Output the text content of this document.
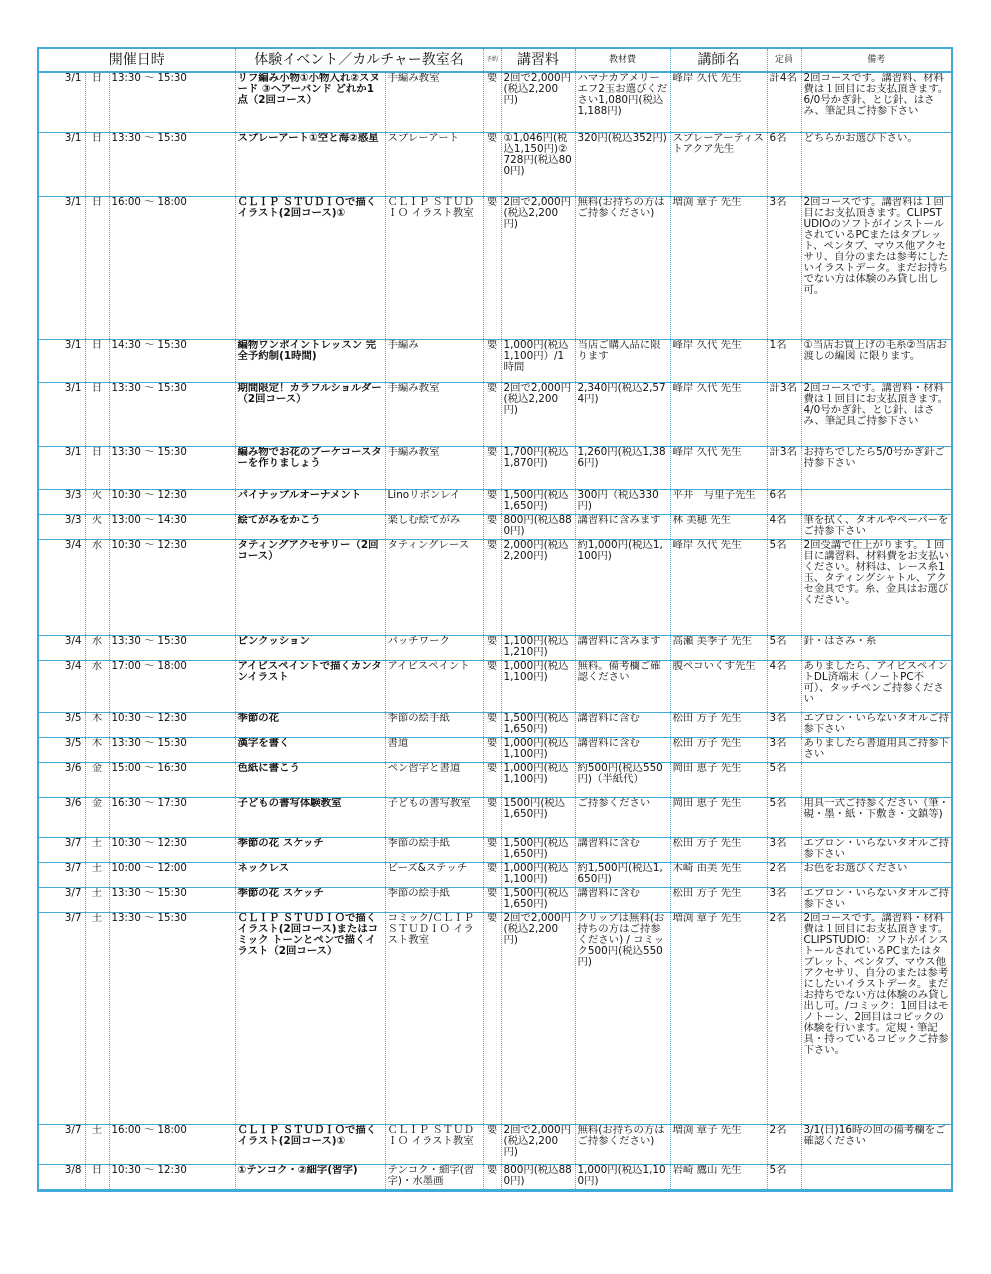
開催日時			体験イベント／カルチャー教室名		予約	講習料	教材費	講師名	定員	備考
3/1	日	13:30 ～ 15:30	リフ編み小物①小物入れ②スヌード ③ヘアーバンド どれか1点（2回コース）	手編み教室	要	2回で2,000円(税込2,200円)	ハマナカアメリーエフ2玉お選びください1,080円(税込1,188円)	峰岸 久代 先生	計4名	2回コースです。講習料、材料費は１回目にお支払頂きます。6/0号かぎ針、とじ針、はさみ、筆記具ご持参下さい
3/1	日	13:30 ～ 15:30	スプレーアート①空と海②惑星	スプレーアート	要	①1,046円(税込1,150円)②728円(税込800円)	320円(税込352円)	スプレーアーティストアクア先生	6名	どちらかお選び下さい。
3/1	日	16:00 ～ 18:00	ＣＬＩＰ ＳＴＵＤＩＯで描くイラスト(2回コース)①	ＣＬＩＰ ＳＴＵＤＩＯ イラスト教室	要	2回で2,000円(税込2,200円)	無料(お持ちの方はご持参ください)	増渕 章子 先生	3名	2回コースです。講習料は１回目にお支払頂きます。CLIPSTUDIOのソフトがインストールされているPCまたはタブレット、ペンタブ、マウス他アクセサリ、自分のまたは参考にしたいイラストデータ。まだお持ちでない方は体験のみ貸し出し可。
3/1	日	14:30 ～ 15:30	編物ワンポイントレッスン 完全予約制(1時間)	手編み	要	1,000円(税込1,100円）/1時間	当店ご購入品に限ります	峰岸 久代 先生	1名	①当店お買上げの毛糸②当店お渡しの編図 に限ります。
3/1	日	13:30 ～ 15:30	期間限定！カラフルショルダー（2回コース）	手編み教室	要	2回で2,000円(税込2,200円)	2,340円(税込2,574円)	峰岸 久代 先生	計3名	2回コースです。講習料・材料費は１回目にお支払頂きます。4/0号かぎ針、とじ針、はさみ、筆記具ご持参下さい
3/1	日	13:30 ～ 15:30	編み物でお花のブーケコースターを作りましょう	手編み教室	要	1,700円(税込1,870円)	1,260円(税込1,386円)	峰岸 久代 先生	計3名	お持ちでしたら5/0号かぎ針ご持参下さい
3/3	火	10:30 ～ 12:30	パイナップルオーナメント	Linoリボンレイ	要	1,500円(税込1,650円)	300円（税込330円)	平井　与里子先生	6名	
3/3	火	13:00 ～ 14:30	絵てがみをかこう	楽しむ絵てがみ	要	800円(税込880円)	講習料に含みます	林 美穂 先生	4名	筆を拭く、タオルやペーパーをご持参下さい
3/4	水	10:30 ～ 12:30	タティングアクセサリー（2回コース）	タティングレース	要	2,000円(税込2,200円)	約1,000円(税込1,100円)	峰岸 久代 先生	5名	2回受講で仕上がります。１回目に講習料、材料費をお支払いください。材料は、レース糸1玉、タティングシャトル、アクセ金具です。糸、金具はお選びください。
3/4	水	13:30 ～ 15:30	ピンクッション	パッチワーク	要	1,100円(税込1,210円)	講習料に含みます	高瀬 美季子 先生	5名	針・はさみ・糸
3/4	水	17:00 ～ 18:00	アイビスペイントで描くカンタンイラスト	アイビスペイント	要	1,000円(税込1,100円)	無料。備考欄ご確認ください	腹ペコいくす先生	4名	ありましたら、アイビスペイントDL済端末（ノートPC不可）、タッチペンご持参ください
3/5	木	10:30 ～ 12:30	季節の花	季節の絵手紙	要	1,500円(税込1,650円)	講習料に含む	松田 方子 先生	3名	エプロン・いらないタオルご持参下さい
3/5	木	13:30 ～ 15:30	漢字を書く	書道	要	1,000円(税込1,100円)	講習料に含む	松田 方子 先生	3名	ありましたら書道用具ご持参下さい
3/6	金	15:00 ～ 16:30	色紙に書こう	ペン習字と書道	要	1,000円(税込1,100円)	約500円(税込550円)（半紙代）	岡田 恵子 先生	5名	
3/6	金	16:30 ～ 17:30	子どもの書写体験教室	子どもの書写教室	要	1500円(税込1,650円)	ご持参ください	岡田 恵子 先生	5名	用具一式ご持参ください（筆・硯・墨・紙・下敷き・文鎮等)
3/7	土	10:30 ～ 12:30	季節の花 スケッチ	季節の絵手紙	要	1,500円(税込1,650円)	講習料に含む	松田 方子 先生	3名	エプロン・いらないタオルご持参下さい
3/7	土	10:00 ～ 12:00	ネックレス	ビーズ&ステッチ	要	1,000円(税込1,100円)	約1,500円(税込1,650円)	木崎 由美 先生	2名	お色をお選びください
3/7	土	13:30 ～ 15:30	季節の花 スケッチ	季節の絵手紙	要	1,500円(税込1,650円)	講習料に含む	松田 方子 先生	3名	エプロン・いらないタオルご持参下さい
3/7	土	13:30 ～ 15:30	ＣＬＩＰ ＳＴＵＤＩＯで描くイラスト(2回コース)またはコミック トーンとペンで描くイラスト（2回コース）	コミック/ＣＬＩＰ ＳＴＵＤＩＯ イラスト教室	要	2回で2,000円(税込2,200円)	クリップは無料(お持ちの方はご持参ください) / コミック500円(税込550円)	増渕 章子 先生	2名	2回コースです。講習料・材料費は１回目にお支払頂きます。CLIPSTUDIO：ソフトがインストールされているPCまたはタブレット、ペンタブ、マウス他アクセサリ、自分のまたは参考にしたいイラストデータ。まだお持ちでない方は体験のみ貸し出し可。/コミック：1回目はモノトーン、2回目はコピックの体験を行います。定規・筆記具・持っているコピックご持参下さい。
3/7	土	16:00 ～ 18:00	ＣＬＩＰ ＳＴＵＤＩＯで描くイラスト(2回コース)①	ＣＬＩＰ ＳＴＵＤＩＯ イラスト教室	要	2回で2,000円(税込2,200円)	無料(お持ちの方はご持参ください)	増渕 章子 先生	2名	3/1(日)16時の回の備考欄をご確認ください
3/8	日	10:30 ～ 12:30	①テンコク・②細字(習字)	テンコク・細字(習字)・水墨画	要	800円(税込880円)	1,000円(税込1,100円)	岩崎 鷹山 先生	5名	
